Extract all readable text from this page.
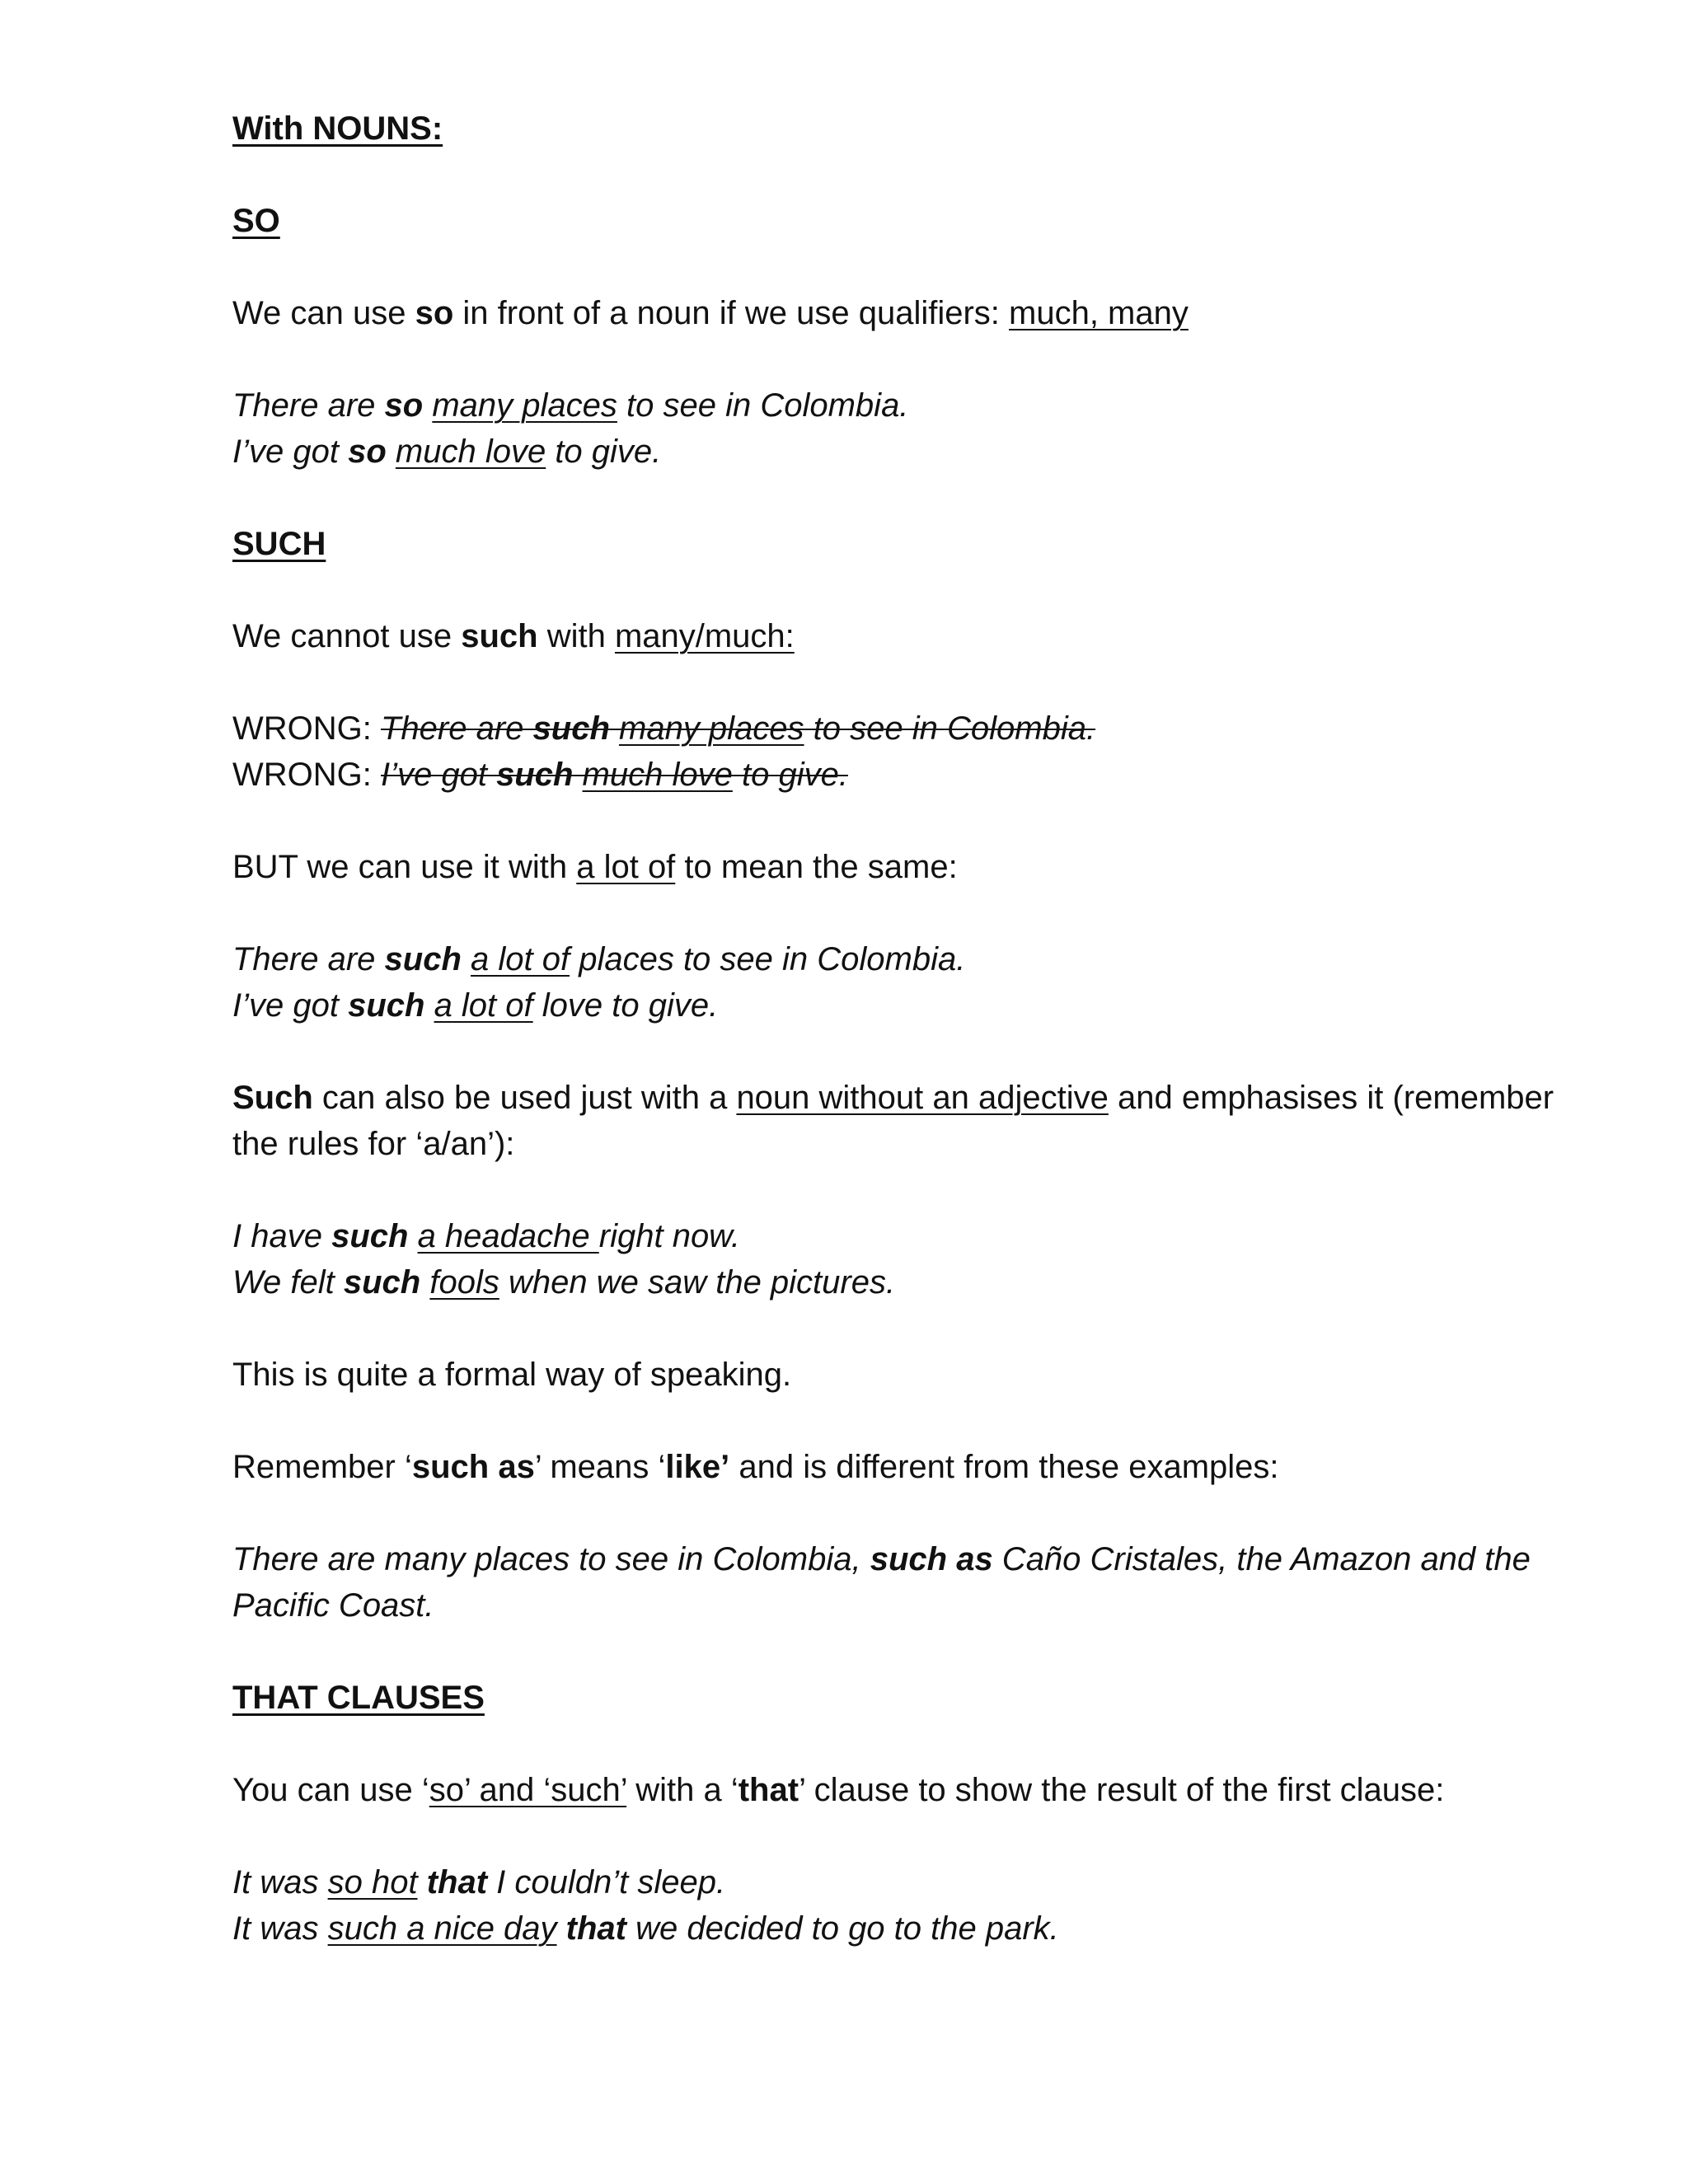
With NOUNS:

SO

We can use so in front of a noun if we use qualifiers: much, many

There are so many places to see in Colombia.

I’ve got so much love to give.

SUCH

We cannot use such with many/much:

WRONG: There are such many places to see in Colombia.

WRONG: I’ve got such much love to give.

BUT we can use it with a lot of to mean the same:

There are such a lot of places to see in Colombia.

I’ve got such a lot of love to give.

Such can also be used just with a noun without an adjective and emphasises it (remember the rules for ‘a/an’):

I have such a headache right now.

We felt such fools when we saw the pictures.

This is quite a formal way of speaking.

Remember ‘such as’ means ‘like’ and is different from these examples:

There are many places to see in Colombia, such as Caño Cristales, the Amazon and the Pacific Coast.

THAT CLAUSES

You can use ‘so’ and ‘such’ with a ‘that’ clause to show the result of the first clause:

It was so hot that I couldn’t sleep.

It was such a nice day that we decided to go to the park.
